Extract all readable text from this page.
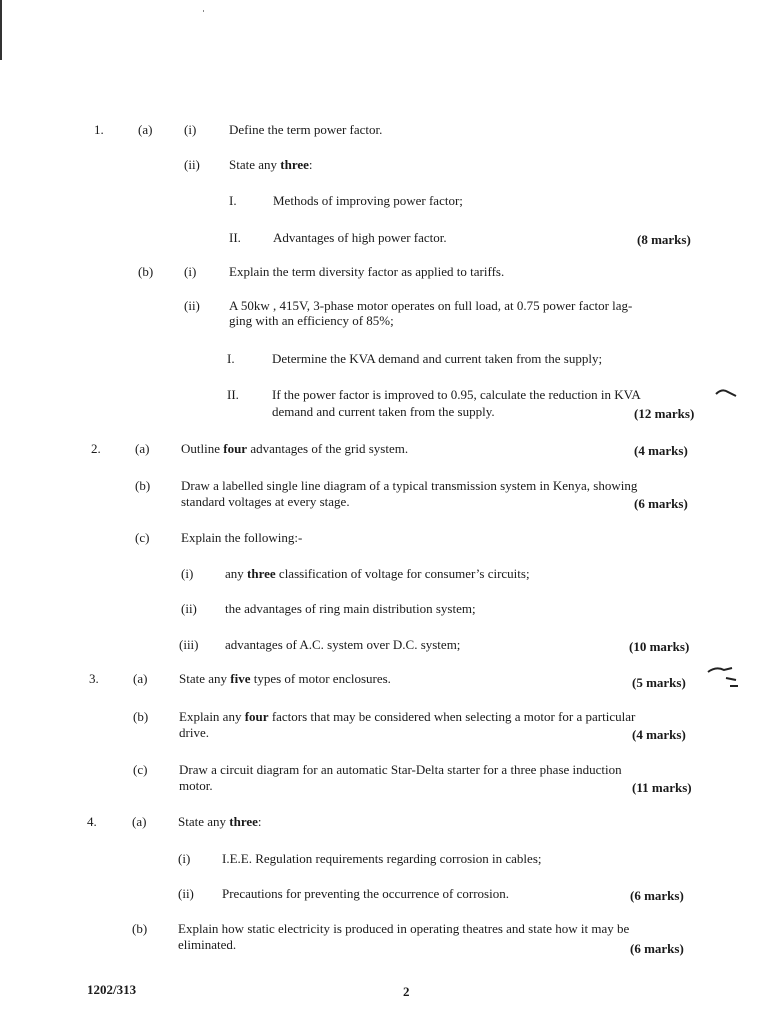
1.	(a) (i)	Define the term power factor.
(ii) State any three:
I.	Methods of improving power factor;
II. Advantages of high power factor.	(8 marks)
(b) (i)	Explain the term diversity factor as applied to tariffs.
(ii) A 50kw , 415V, 3-phase motor operates on full load, at 0.75 power factor lag-
ging with an efficiency of 85%;
I.	Determine the KVA demand and current taken from the supply;
II.	If the power factor is improved to 0.95, calculate the reduction in KVA
demand and current taken from the supply.	(12 marks)
2.	(a) Outline four advantages of the grid system.	(4 marks)
(b) Draw a labelled single line diagram of a typical transmission system in Kenya, showing
standard voltages at every stage.	(6 marks)
(c) Explain the following:-
(i) any three classification of voltage for consumer’s circuits;
(ii) the advantages of ring main distribution system;
(iii) advantages of A.C. system over D.C. system;	(10 marks)
3.	(a) State any five types of motor enclosures.	(5 marks)
(b) Explain any four factors that may be considered when selecting a motor for a particular
drive.	(4 marks)
(c) Draw a circuit diagram for an automatic Star-Delta starter for a three phase induction
motor.	(11 marks)
4.	(a) State any three:
(i) I.E.E. Regulation requirements regarding corrosion in cables;
(ii) Precautions for preventing the occurrence of corrosion.	(6 marks)
(b) Explain how static electricity is produced in operating theatres and state how it may be
eliminated.	(6 marks)
1202/313	2
